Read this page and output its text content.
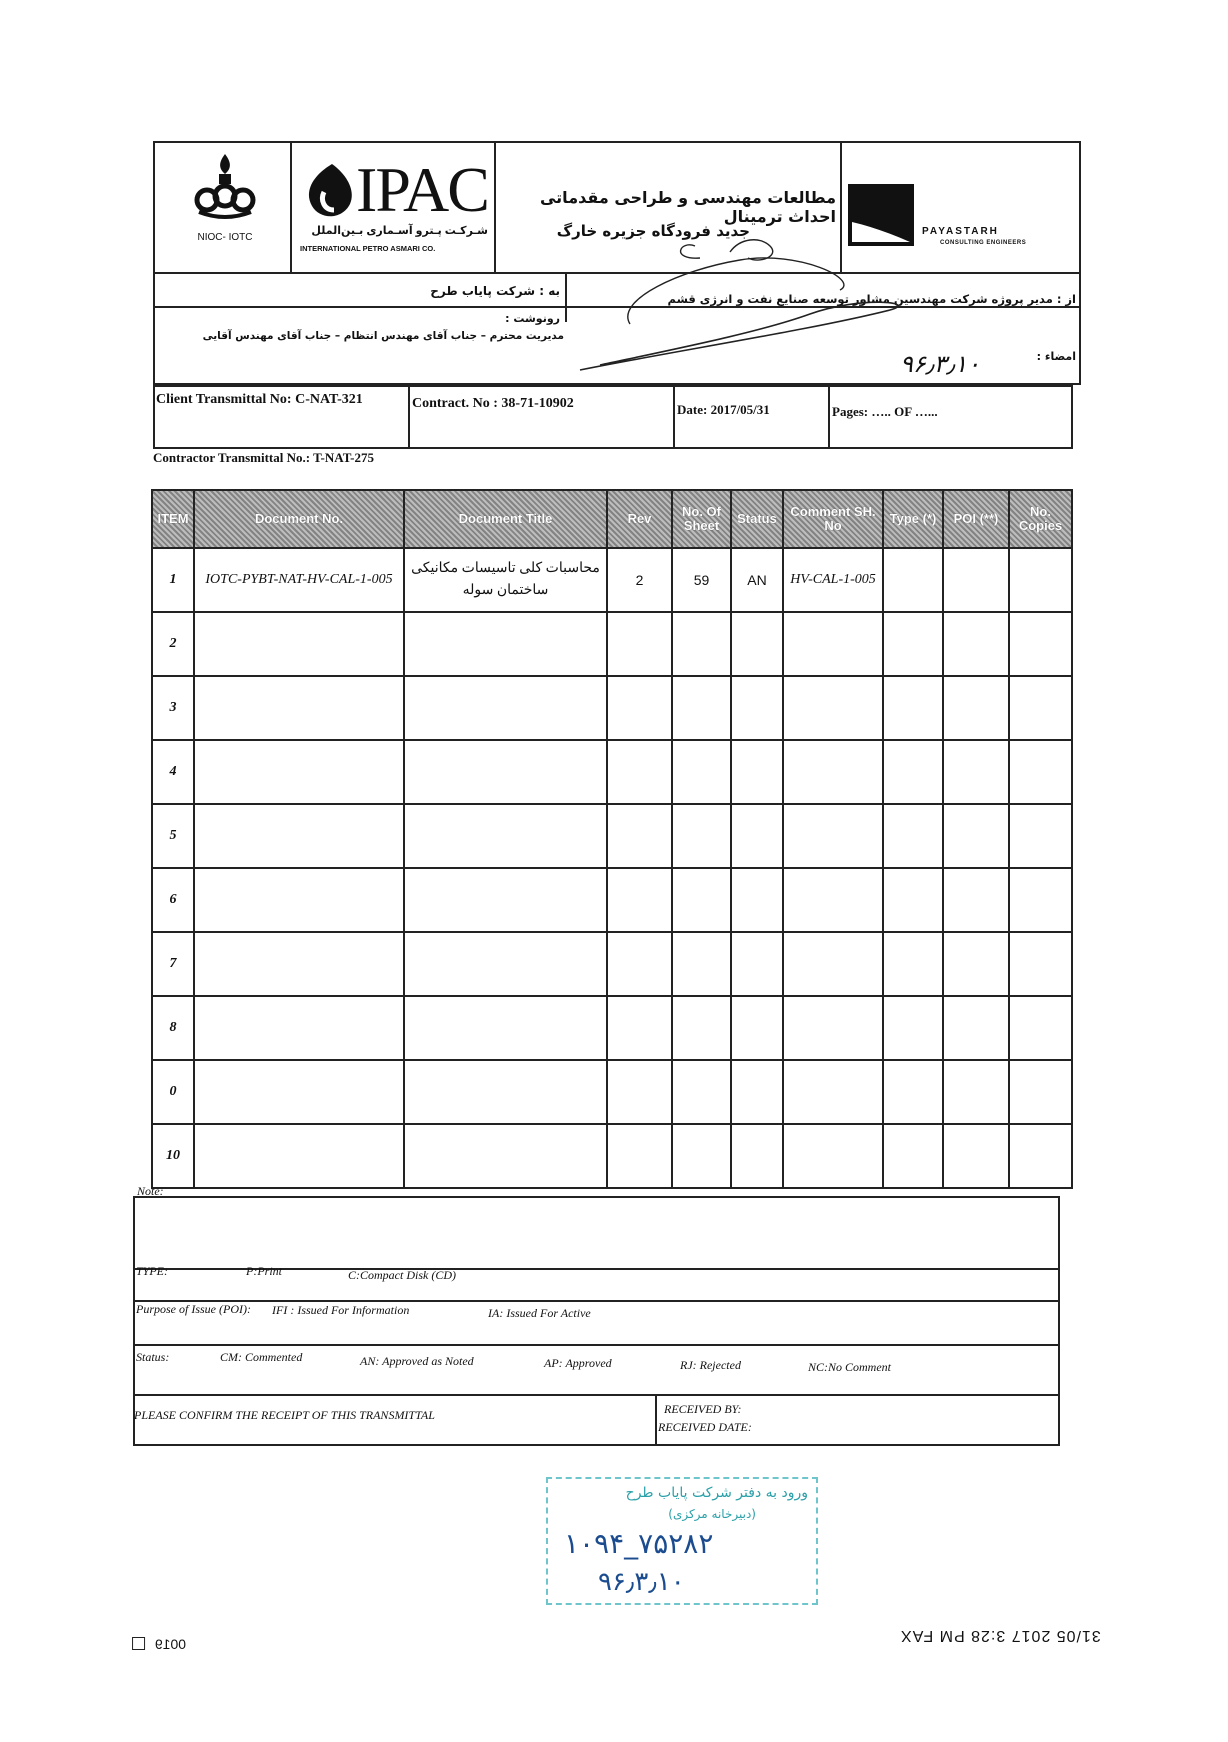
NIOC- IOTC
IPAC
شـرکـت پـترو آسـماری بـین‌الملل
INTERNATIONAL PETRO ASMARI CO.
مطالعات مهندسی و طراحی مقدماتی احداث ترمینال
جدید فرودگاه جزیره خارگ	PAYASTARH
CONSULTING ENGINEERS
به : شرکت پایاب طرح
از : مدیر پروژه شرکت مهندسین مشاور توسعه صنایع نفت و انرژی قشم
رونوشت :
مدیریت محترم – جناب آقای مهندس انتظام – جناب آقای مهندس آقایی
امضاء :
۹۶٫۳٫۱۰
Client Transmittal No: C-NAT-321	Contract. No : 38-71-10902	Date: 2017/05/31	Pages: ….. OF …...
Contractor Transmittal No.: T-NAT-275
ITEM	Document No.	Document Title	Rev	No. Of Sheet	Status	Comment SH. No	Type (*)	POI (**)	No. Copies
1	IOTC-PYBT-NAT-HV-CAL-1-005	محاسبات کلی تاسیسات مکانیکی ساختمان سوله	2	59	AN	HV-CAL-1-005			
2									
3									
4									
5									
6									
7									
8									
0									
10									
Note:
TYPE:	P:Print	C:Compact Disk (CD)
Purpose of Issue (POI): IFI : Issued For Information	IA: Issued For Active
Status:	CM: Commented	AN: Approved as Noted	AP: Approved	RJ: Rejected	NC:No Comment
PLEASE CONFIRM THE RECEIPT OF THIS TRANSMITTAL	RECEIVED BY:
RECEIVED DATE:
ورود به دفتر شرکت پایاب طرح
(دبیرخانه مرکزی)
۱۰۹۴_۷۵۲۸۲
۹۶٫۳٫۱۰
0019	31/05 2017 3:28 PM FAX
